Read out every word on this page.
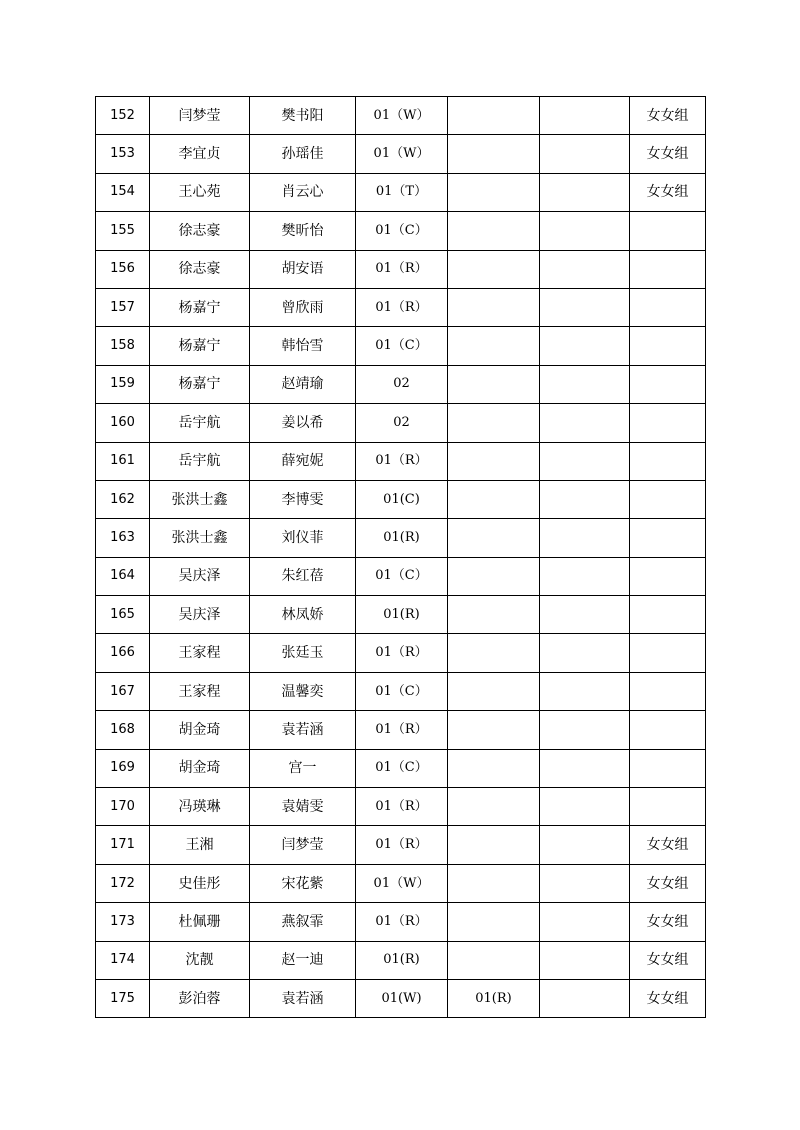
152	闫梦莹	樊书阳	01（W）			女女组
153	李宜贞	孙瑶佳	01（W）			女女组
154	王心苑	肖云心	01（T）			女女组
155	徐志豪	樊昕怡	01（C）			
156	徐志豪	胡安语	01（R）			
157	杨嘉宁	曾欣雨	01（R）			
158	杨嘉宁	韩怡雪	01（C）			
159	杨嘉宁	赵靖瑜	02			
160	岳宇航	姜以希	02			
161	岳宇航	薛宛妮	01（R）			
162	张洪士鑫	李博雯	01(C)			
163	张洪士鑫	刘仪菲	01(R)			
164	吴庆泽	朱红蓓	01（C）			
165	吴庆泽	林凤娇	01(R)			
166	王家程	张廷玉	01（R）			
167	王家程	温馨奕	01（C）			
168	胡金琦	袁若涵	01（R）			
169	胡金琦	宫一	01（C）			
170	冯瑛琳	袁婧雯	01（R）			
171	王湘	闫梦莹	01（R）			女女组
172	史佳彤	宋花紫	01（W）			女女组
173	杜佩珊	燕叙霏	01（R）			女女组
174	沈靓	赵一迪	01(R)			女女组
175	彭泊蓉	袁若涵	01(W)	01(R)		女女组
